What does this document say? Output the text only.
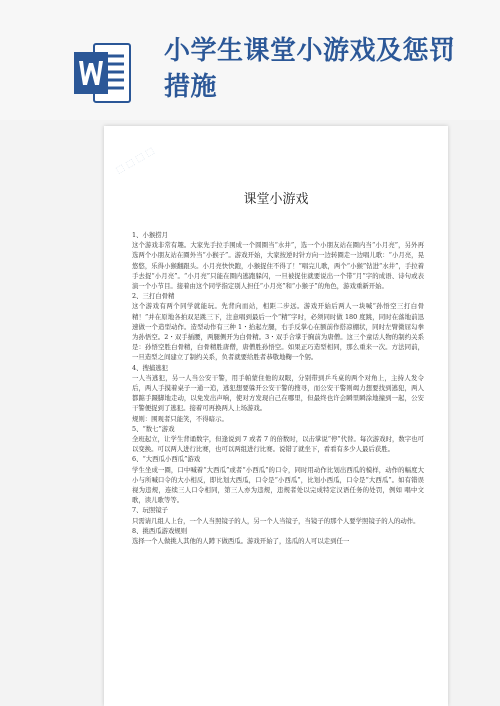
小学生课堂小游戏及惩罚措施
⬚ ⬚ ⬚ ⬚
课堂小游戏

1、小猴捞月

这个游戏非常有趣。大家先手拉手围成一个圆圈当“水井”，选一个小朋友站在圈内当“小月亮”，另外再选两个小朋友站在圈外当“小猴子”。游戏开始，大家按逆时针方向一边转圈走一边唱儿歌：“小月亮，晃悠悠，乐得小猴翻跟头。小月亮快快跑，小猴捉住不得了！”唱完儿歌，两个“小猴”钻进“水井”，手拉着手去捉“小月亮”。“小月亮”只能在圈内逃跑躲闪，一旦被捉住就要说出一个带“月”字的成语、诗句或表演一个小节目。接着由这个同学指定别人担任“小月亮”和“小猴子”的角色，游戏重新开始。

2、三打白骨精

这个游戏有两个同学就能玩。先背向而站，相距二步远。游戏开始后两人一块喊“孙悟空三打白骨精！”并在原地各拍双足跳三下，注意唱到最后一个“精”字时，必须同时做 180 度跳，同时在落地前迅速做一个造型动作。造型动作有三种 1・抬起左腿，右手反掌心在额前作搭凉棚状，同时左臂微屈勾拳为孙悟空。2・双手插腰，两腿侧开为白骨精。3・双手合掌于胸前为唐僧。这三个童话人物的制约关系是：孙悟空胜白骨精，白骨精胜唐僧，唐僧胜孙悟空。如果正巧造型相同，那么重来一次。方法同前，一旦造型之间建立了制约关系，负者就要给胜者恭敬地鞠一个躬。

4、搜捕逃犯

一人当逃犯，另一人当公安干警，用手帕蒙住他的双眼，分别带到乒乓桌的两个对角上，主持人发令后，两人手摸着桌子一通一追，逃犯想要躲开公安干警的搜寻，而公安干警则竭力想要找到逃犯，两人都踮手蹑脚地走动，以免发出声响，使对方发现自己在哪里，但最终也许会瞬里瞬涂地撞到一起，公安干警便捉到了逃犯。接着可再换两人上场游戏。

规则：围观者只能笑，不得暗示。

5、“数七”游戏

全班起立，让学生背诵数字，但逢说到 7 或者 7 的倍数时，以击掌说“停”代替。每次游戏时，数字也可以变换。可以两人进行比赛，也可以两组进行比赛。说错了就坐下，看看有多少人最后获胜。

6、“大西瓜小西瓜”游戏

学生坐成一圈，口中喊着“大西瓜”或者“小西瓜”的口令，同时用动作比划出西瓜的模样，动作的幅度大小与所喊口令的大小相反，即比划大西瓜，口令是“小西瓜”，比划小西瓜，口令是“大西瓜”。如有错误视为违规，连续三人口令相同，第三人亦为违规，违规者处以完成特定汉语任务的处罚，例如 唱中文歌，读儿歌等等。

7、玩照镜子

只需请几组人上台，一个人当照镜子的人，另一个人当镜子，当镜子的那个人要学照镜子的人的动作。

8、挑西瓜游戏规则

选择一个人做挑人其他的人蹲下做西瓜。游戏开始了，选瓜的人可以走到任一
